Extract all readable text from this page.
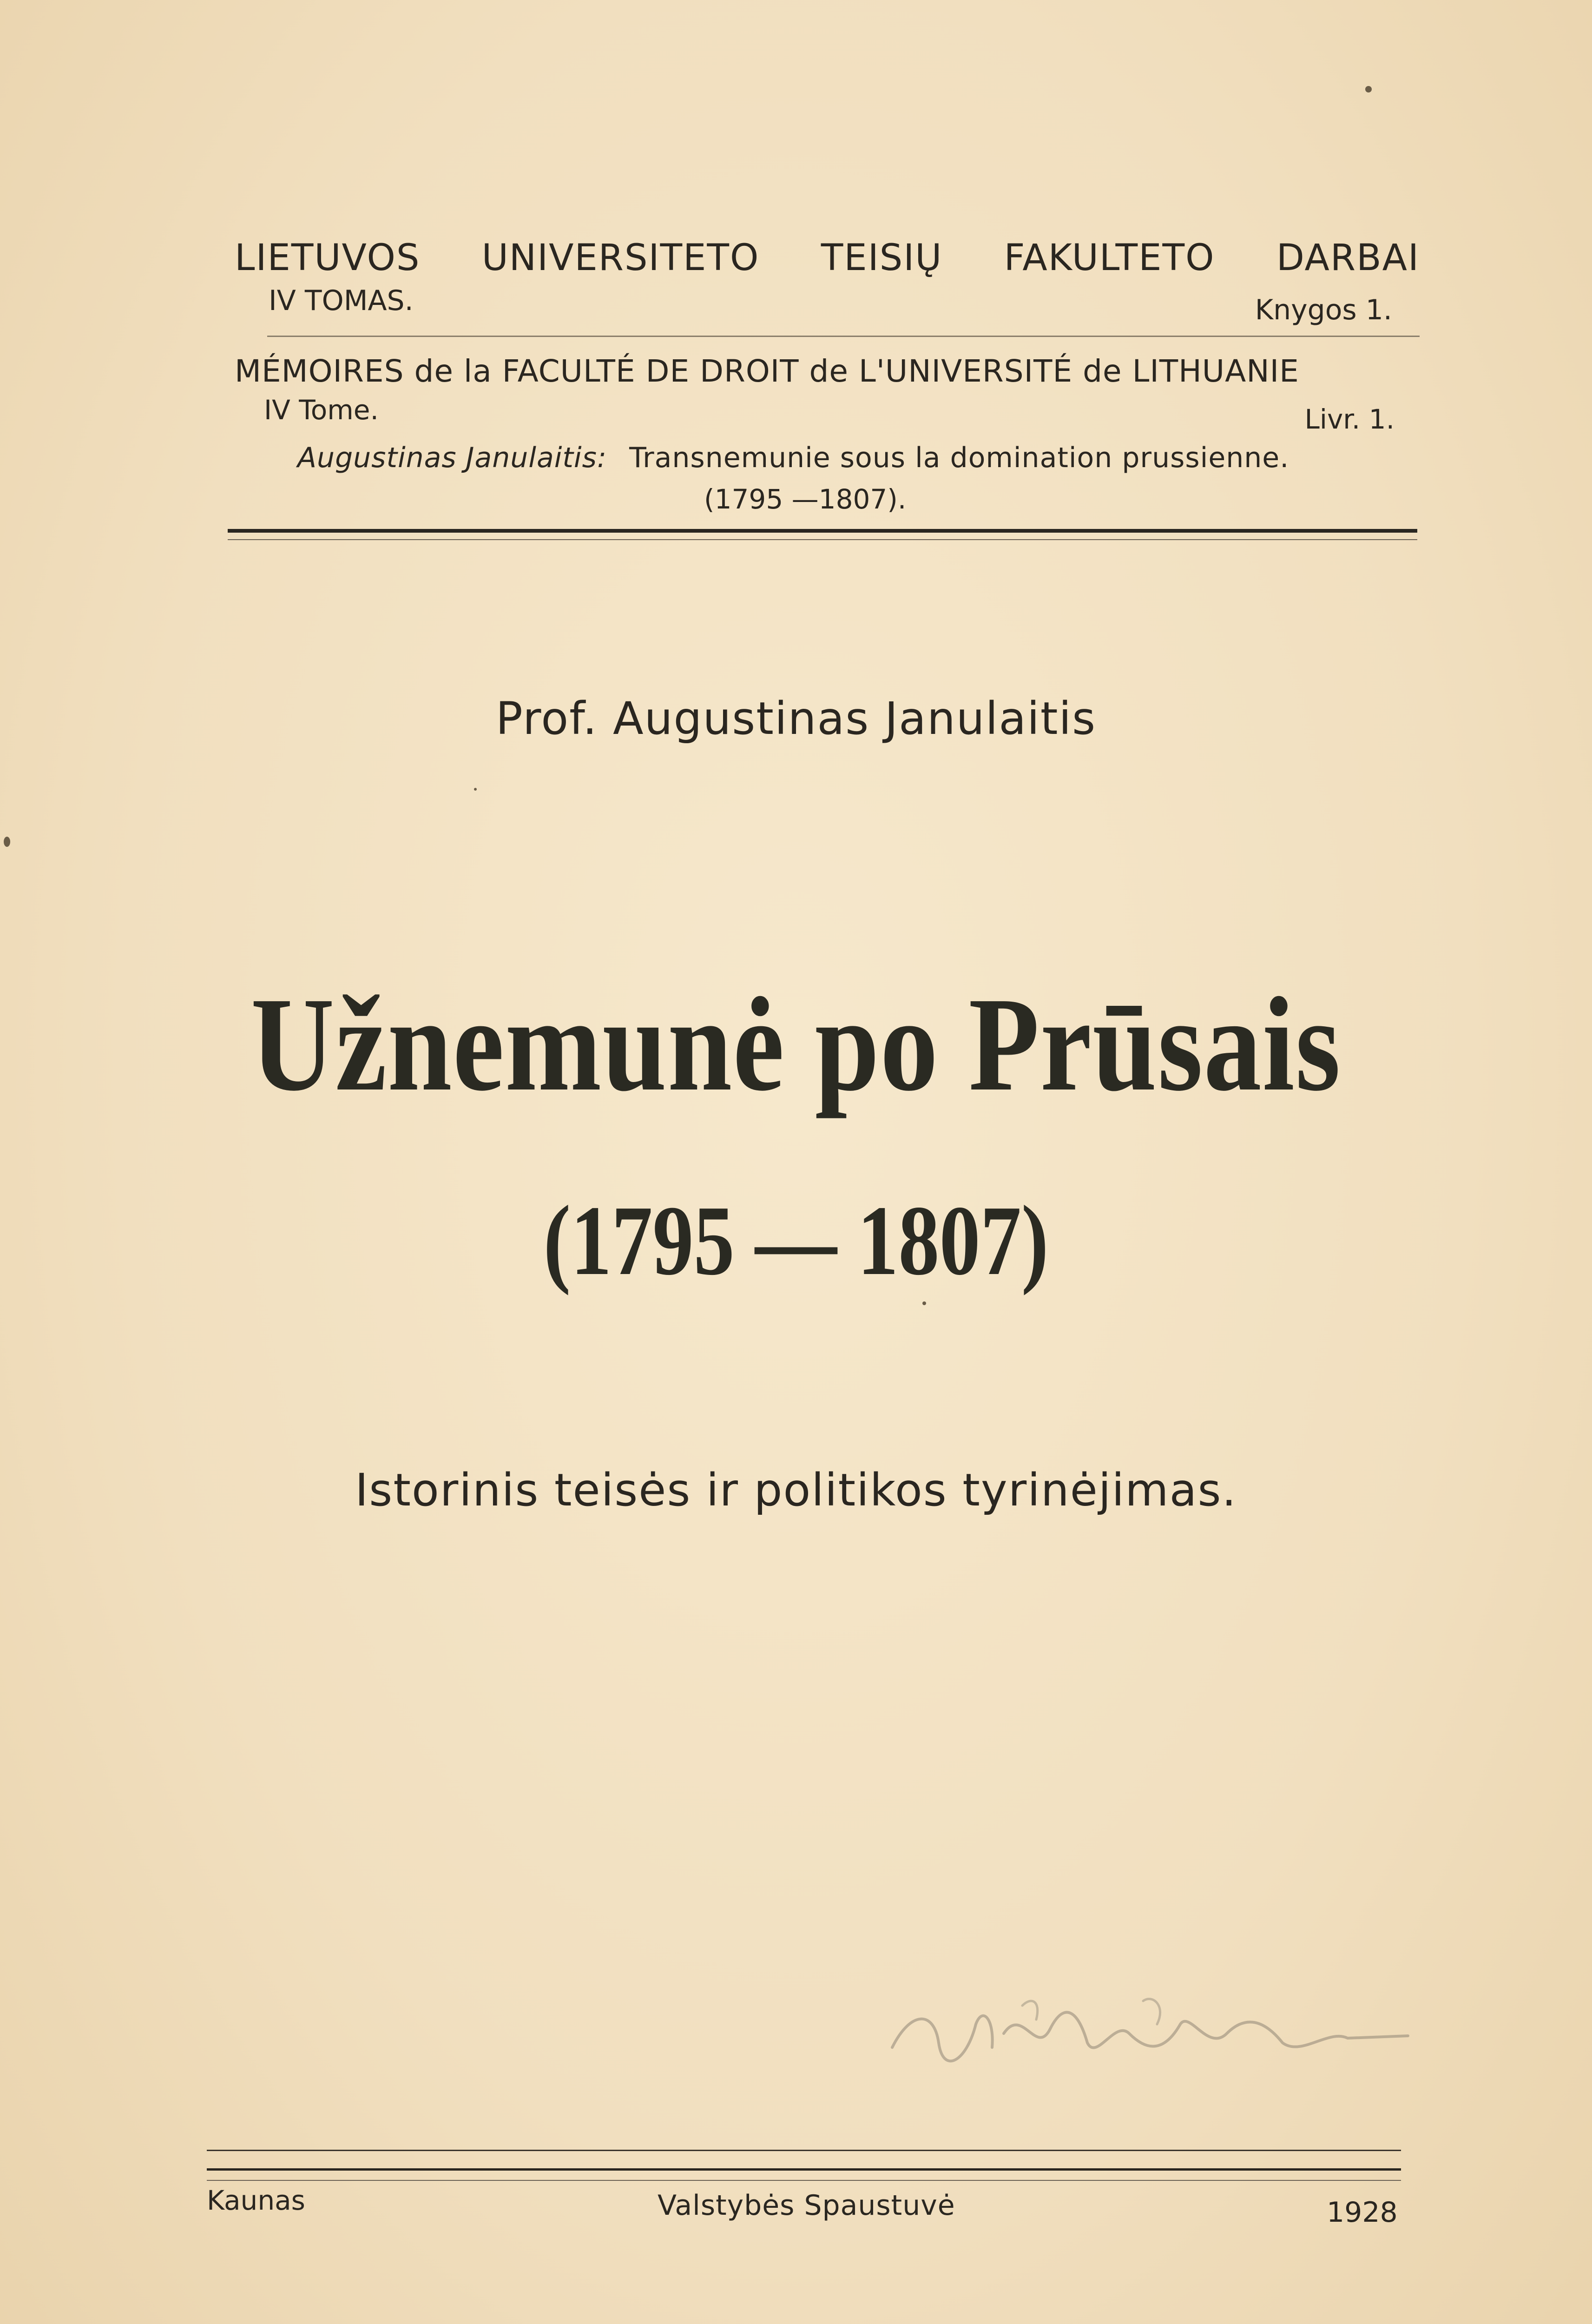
LIETUVOS UNIVERSITETO TEISIŲ FAKULTETO DARBAI
IV TOMAS.	Knygos 1.
MÉMOIRES de la FACULTÉ DE DROIT de L'UNIVERSITÉ de LITHUANIE
IV Tome.	Livr. 1.
Augustinas Janulaitis: Transnemunie sous la domination prussienne.
(1795 —1807).
Prof. Augustinas Janulaitis
Užnemunė po Prūsais
(1795 — 1807)
Istorinis teisės ir politikos tyrinėjimas.
Kaunas	Valstybės Spaustuvė	1928
